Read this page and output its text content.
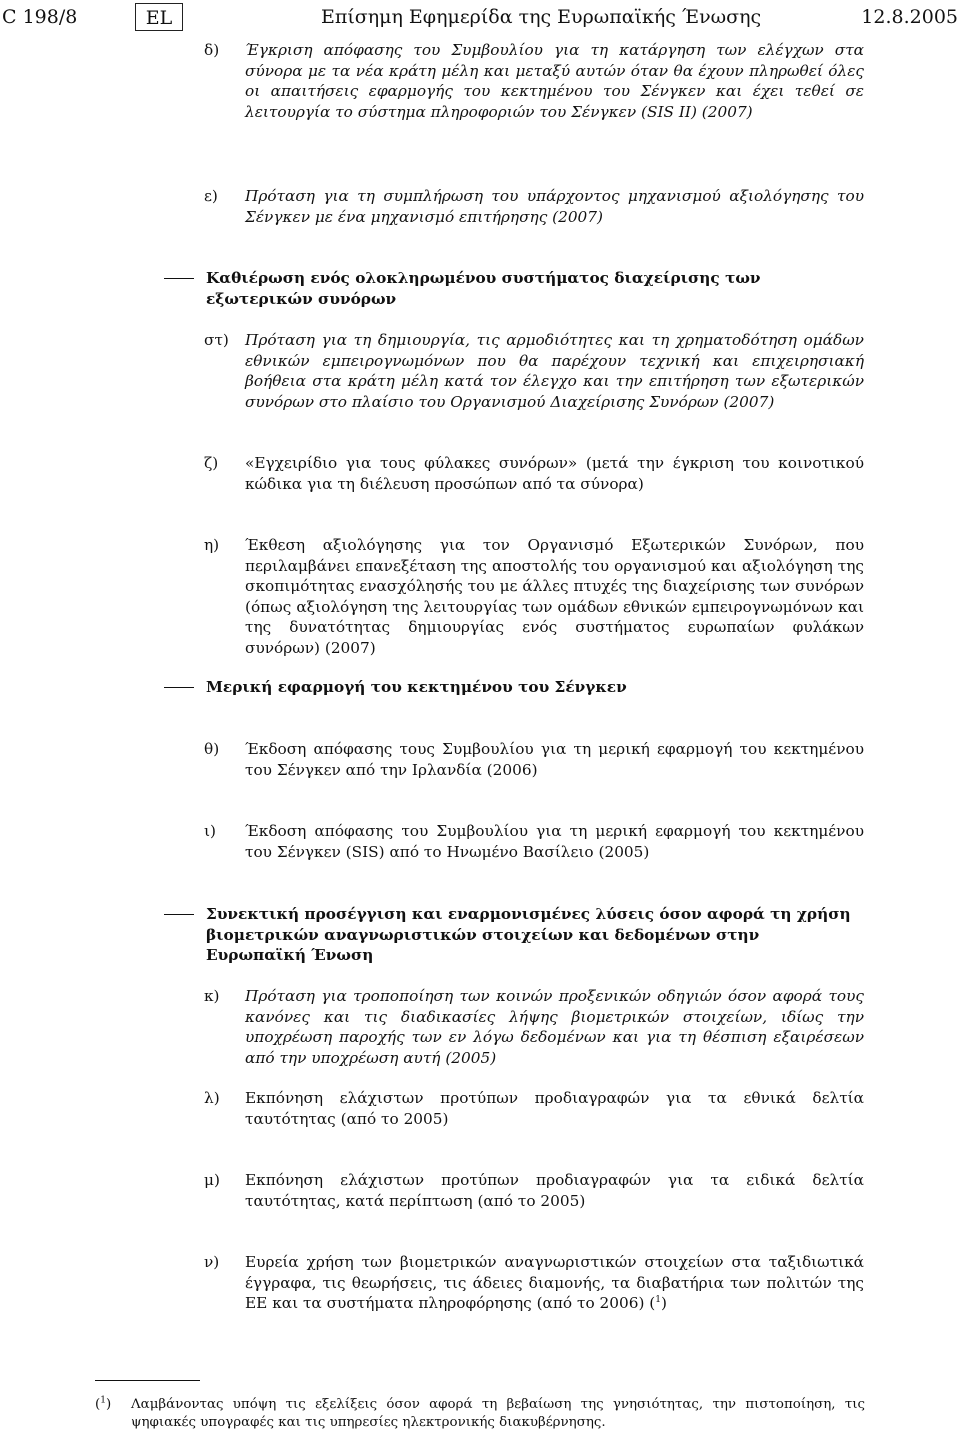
C 198/8	EL	Επίσημη Εφημερίδα της Ευρωπαϊκής Ένωσης	12.8.2005
δ) Έγκριση απόφασης του Συμβουλίου για τη κατάργηση των ελέγχων στα σύνορα με τα νέα κράτη μέλη και μεταξύ αυτών όταν θα έχουν πληρωθεί όλες οι απαιτήσεις εφαρμογής του κεκτημένου του Σένγκεν και έχει τεθεί σε λειτουργία το σύστημα πληροφοριών του Σένγκεν (SIS II) (2007)
ε) Πρόταση για τη συμπλήρωση του υπάρχοντος μηχανισμού αξιολόγησης του Σένγκεν με ένα μηχανισμό επιτήρησης (2007)
Καθιέρωση ενός ολοκληρωμένου συστήματος διαχείρισης των εξωτερικών συνόρων
στ) Πρόταση για τη δημιουργία, τις αρμοδιότητες και τη χρηματοδότηση ομάδων εθνικών εμπειρογνωμόνων που θα παρέχουν τεχνική και επιχειρησιακή βοήθεια στα κράτη μέλη κατά τον έλεγχο και την επιτήρηση των εξωτερικών συνόρων στο πλαίσιο του Οργανισμού Διαχείρισης Συνόρων (2007)
ζ) «Εγχειρίδιο για τους φύλακες συνόρων» (μετά την έγκριση του κοινοτικού κώδικα για τη διέλευση προσώπων από τα σύνορα)
η) Έκθεση αξιολόγησης για τον Οργανισμό Εξωτερικών Συνόρων, που περιλαμβάνει επανεξέταση της αποστολής του οργανισμού και αξιολόγηση της σκοπιμότητας ενασχόλησής του με άλλες πτυχές της διαχείρισης των συνόρων (όπως αξιολόγηση της λειτουργίας των ομάδων εθνικών εμπειρογνωμόνων και της δυνατότητας δημιουργίας ενός συστήματος ευρωπαίων φυλάκων συνόρων) (2007)
Μερική εφαρμογή του κεκτημένου του Σένγκεν
θ) Έκδοση απόφασης τους Συμβουλίου για τη μερική εφαρμογή του κεκτημένου του Σένγκεν από την Ιρλανδία (2006)
ι) Έκδοση απόφασης του Συμβουλίου για τη μερική εφαρμογή του κεκτημένου του Σένγκεν (SIS) από το Ηνωμένο Βασίλειο (2005)
Συνεκτική προσέγγιση και εναρμονισμένες λύσεις όσον αφορά τη χρήση βιομετρικών αναγνωριστικών στοιχείων και δεδομένων στην Ευρωπαϊκή Ένωση
κ) Πρόταση για τροποποίηση των κοινών προξενικών οδηγιών όσον αφορά τους κανόνες και τις διαδικασίες λήψης βιομετρικών στοιχείων, ιδίως την υποχρέωση παροχής των εν λόγω δεδομένων και για τη θέσπιση εξαιρέσεων από την υποχρέωση αυτή (2005)
λ) Εκπόνηση ελάχιστων προτύπων προδιαγραφών για τα εθνικά δελτία ταυτότητας (από το 2005)
μ) Εκπόνηση ελάχιστων προτύπων προδιαγραφών για τα ειδικά δελτία ταυτότητας, κατά περίπτωση (από το 2005)
ν) Ευρεία χρήση των βιομετρικών αναγνωριστικών στοιχείων στα ταξιδιωτικά έγγραφα, τις θεωρήσεις, τις άδειες διαμονής, τα διαβατήρια των πολιτών της ΕΕ και τα συστήματα πληροφόρησης (από το 2006) ($^1$)
($^1$) Λαμβάνοντας υπόψη τις εξελίξεις όσον αφορά τη βεβαίωση της γνησιότητας, την πιστοποίηση, τις ψηφιακές υπογραφές και τις υπηρεσίες ηλεκτρονικής διακυβέρνησης.
